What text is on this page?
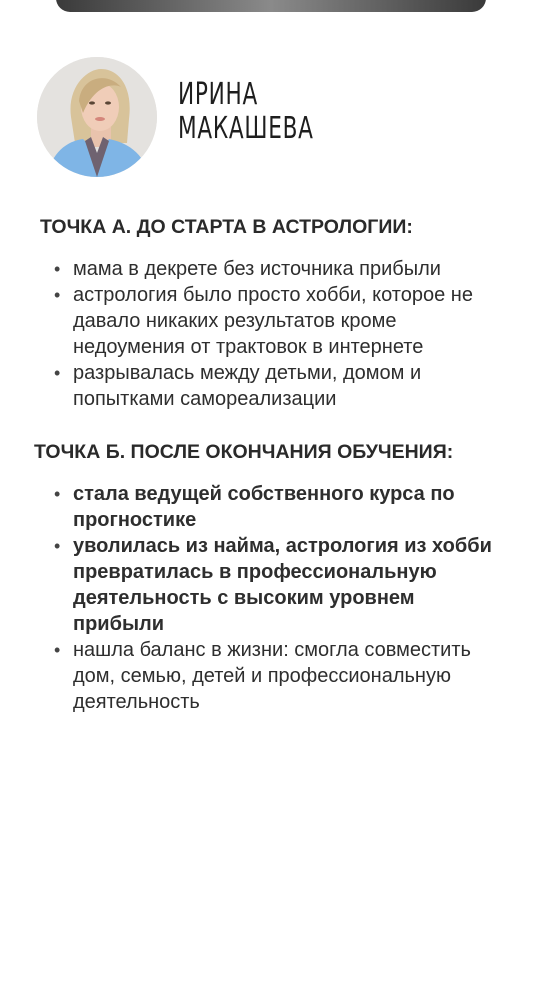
ИРИНА
МАКАШЕВА
ТОЧКА А. ДО СТАРТА В АСТРОЛОГИИ:
• мама в декрете без источника прибыли
• астрология было просто хобби, которое не давало никаких результатов кроме недоумения от трактовок в интернете
• разрывалась между детьми, домом и попытками самореализации
ТОЧКА Б. ПОСЛЕ ОКОНЧАНИЯ ОБУЧЕНИЯ:
• стала ведущей собственного курса по прогностике
• уволилась из найма, астрология из хобби превратилась в профессиональную деятельность с высоким уровнем прибыли
• нашла баланс в жизни: смогла совместить дом, семью, детей и профессиональную деятельность
